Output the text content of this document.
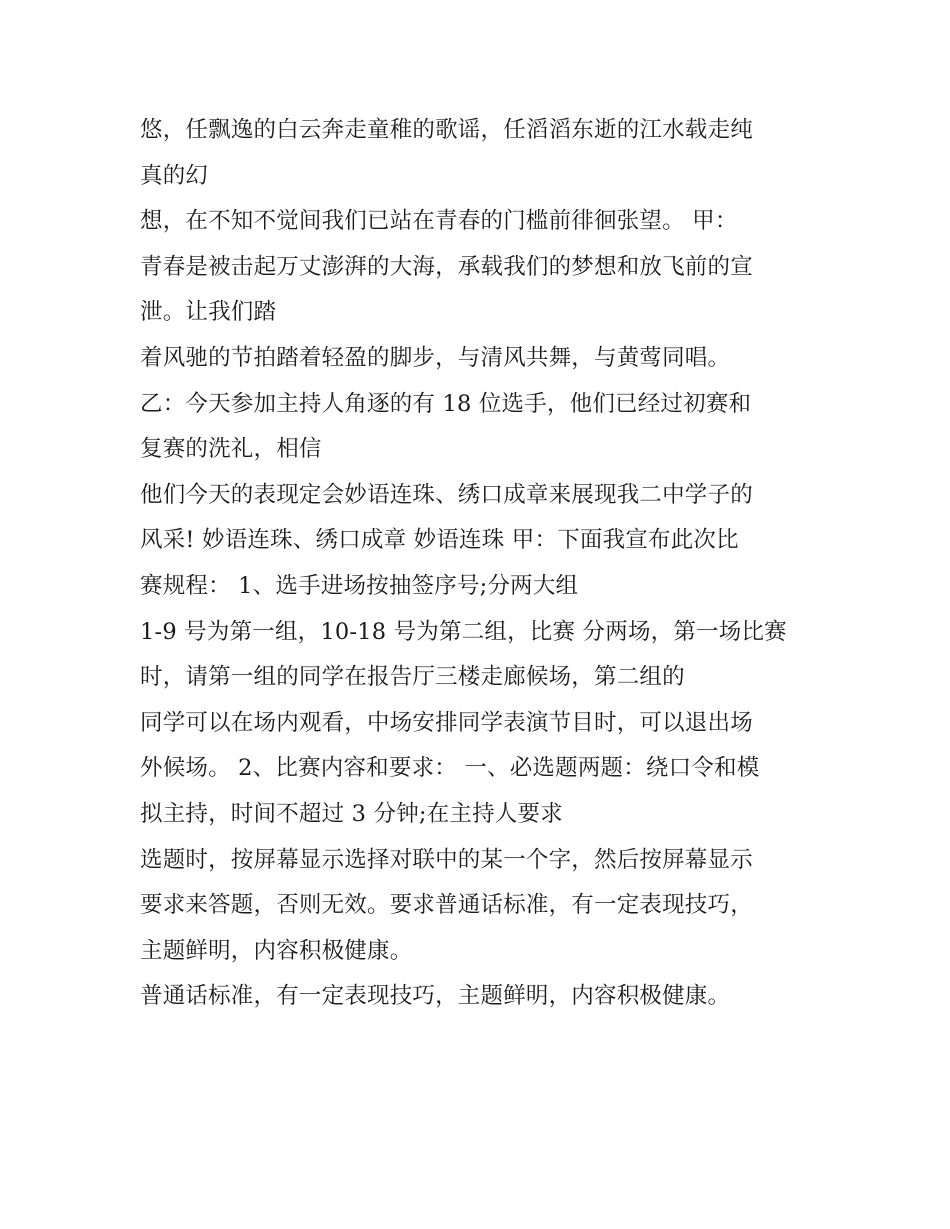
悠，任飘逸的白云奔走童稚的歌谣，任滔滔东逝的江水载走纯
真的幻
想，在不知不觉间我们已站在青春的门槛前徘徊张望。 甲：
青春是被击起万丈澎湃的大海，承载我们的梦想和放飞前的宣
泄。让我们踏
着风驰的节拍踏着轻盈的脚步，与清风共舞，与黄莺同唱。
乙：今天参加主持人角逐的有 18 位选手，他们已经过初赛和
复赛的洗礼，相信
他们今天的表现定会妙语连珠、绣口成章来展现我二中学子的
风采! 妙语连珠、绣口成章 妙语连珠 甲：下面我宣布此次比
赛规程： 1、选手进场按抽签序号;分两大组
1-9 号为第一组，10-18 号为第二组，比赛 分两场，第一场比赛
时，请第一组的同学在报告厅三楼走廊候场，第二组的
同学可以在场内观看，中场安排同学表演节目时，可以退出场
外候场。 2、比赛内容和要求： 一、必选题两题：绕口令和模
拟主持，时间不超过 3 分钟;在主持人要求
选题时，按屏幕显示选择对联中的某一个字，然后按屏幕显示
要求来答题，否则无效。要求普通话标准，有一定表现技巧，
主题鲜明，内容积极健康。
普通话标准，有一定表现技巧，主题鲜明，内容积极健康。
